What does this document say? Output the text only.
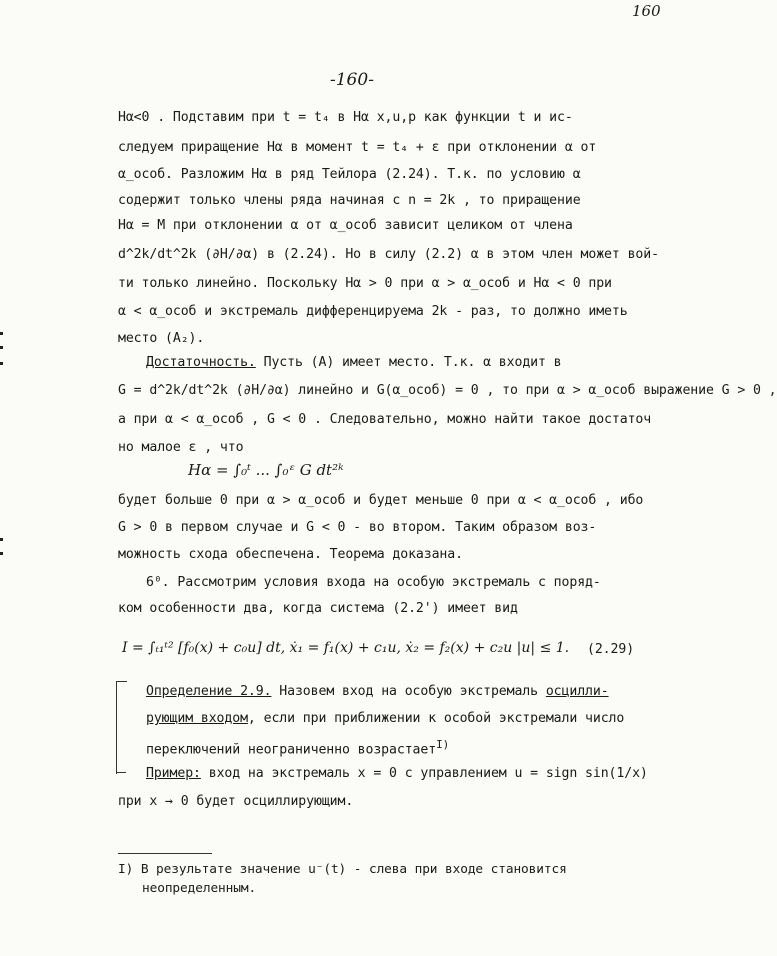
160
-160-
Hα<0 . Подставим при t = t₄ в Hα x,u,p как функции t и ис-
следуем приращение Hα в момент t = t₄ + ε при отклонении α от
α_особ. Разложим Hα в ряд Тейлора (2.24). Т.к. по условию α
содержит только члены ряда начиная с n = 2k , то приращение
Hα = M при отклонении α от α_особ зависит целиком от члена
d^2k/dt^2k (∂H/∂α) в (2.24). Но в силу (2.2) α в этом член может вой-
ти только линейно. Поскольку Hα > 0 при α > α_особ и Hα < 0 при
α < α_особ и экстремаль дифференцируема 2k - раз, то должно иметь
место (A₂).
Достаточность. Пусть (А) имеет место. Т.к. α входит в
G = d^2k/dt^2k (∂H/∂α) линейно и G(α_особ) = 0 , то при α > α_особ выражение G > 0 ,
а при α < α_особ , G < 0 . Следовательно, можно найти такое достаточ
но малое ε , что
Hα = ∫₀ᵗ ... ∫₀ᵋ G dt²ᵏ
будет больше 0 при α > α_особ и будет меньше 0 при α < α_особ , ибо
G > 0 в первом случае и G < 0 - во втором. Таким образом воз-
можность схода обеспечена. Теорема доказана.
6⁰. Рассмотрим условия входа на особую экстремаль с поряд-
ком особенности два, когда система (2.2') имеет вид
I = ∫ₜ₁ᵗ² [f₀(x) + c₀u] dt, ẋ₁ = f₁(x) + c₁u, ẋ₂ = f₂(x) + c₂u |u| ≤ 1. (2.29)
Определение 2.9. Назовем вход на особую экстремаль осцилли-
рующим входом, если при приближении к особой экстремали число
переключений неограниченно возрастает$^{I)}$
Пример: вход на экстремаль x = 0 с управлением u = sign sin(1/x)
при x → 0 будет осциллирующим.
I) В результате значение u⁻(t) - слева при входе становится
неопределенным.
